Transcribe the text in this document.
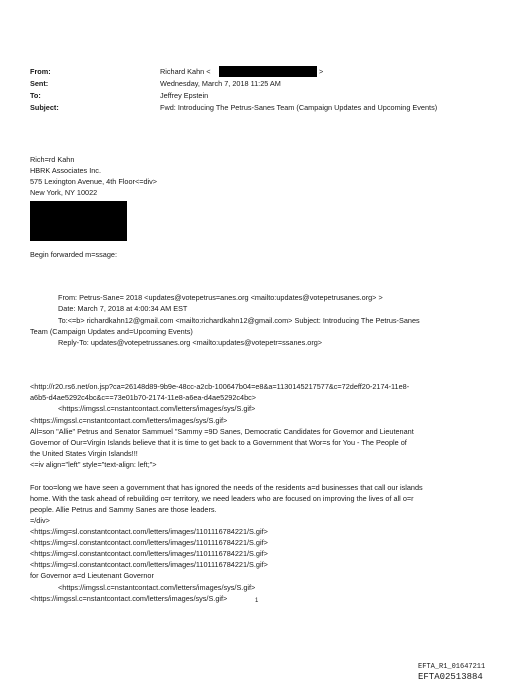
From:	Richard Kahn <	>
Sent:	Wednesday, March 7, 2018 11:25 AM
To:	Jeffrey Epstein
Subject:	Fwd: Introducing The Petrus-Sanes Team (Campaign Updates and Upcoming Events)
Rich=rd Kahn
HBRK Associates Inc.
575 Lexington Avenue, 4th Floor<=div>
New York, NY 10022
Begin forwarded m=ssage:
From: Petrus-Sane= 2018 <updates@votepetrus=anes.org <mailto:updates@votepetrusanes.org> >
Date: March 7, 2018 at 4:00:34 AM EST
To:<=b> richardkahn12@gmail.com <mailto:richardkahn12@gmail.com> Subject: Introducing The Petrus-Sanes
Team (Campaign Updates and=Upcoming Events)
Reply-To: updates@votepetrussanes.org <mailto:updates@votepetr=ssanes.org>
<http://r20.rs6.net/on.jsp?ca=26148d89-9b9e-48cc-a2cb-100647b04=e8&a=1130145217577&c=72deff20-2174-11e8-
a6b5-d4ae5292c4bc&c==73e01b70-2174-11e8-a6ea-d4ae5292c4bc>
<https://imgssl.c=nstantcontact.com/letters/images/sys/S.gif>
<https://imgssl.c=nstantcontact.com/letters/images/sys/S.gif>
All=son "Allie" Petrus and Senator Sammuel "Sammy =9D Sanes, Democratic Candidates for Governor and Lieutenant
Governor of Our=Virgin Islands believe that it is time to get back to a Government that Wor=s for You - The People of
the United States Virgin Islands!!!
<=iv align="left" style="text-align: left;">
For too=long we have seen a government that has ignored the needs of the residents a=d businesses that call our islands
home. With the task ahead of rebuilding o=r territory, we need leaders who are focused on improving the lives of all o=r
people. Allie Petrus and Sammy Sanes are those leaders.
=/div>
<https://img=sl.constantcontact.com/letters/images/1101116784221/S.gif>
<https://img=sl.constantcontact.com/letters/images/1101116784221/S.gif>
<https://img=sl.constantcontact.com/letters/images/1101116784221/S.gif>
<https://img=sl.constantcontact.com/letters/images/1101116784221/S.gif>
for Governor a=d Lieutenant Governor
<https://imgssl.c=nstantcontact.com/letters/images/sys/S.gif>
<https://imgssl.c=nstantcontact.com/letters/images/sys/S.gif>	1
EFTA_R1_01647211
EFTA02513884
